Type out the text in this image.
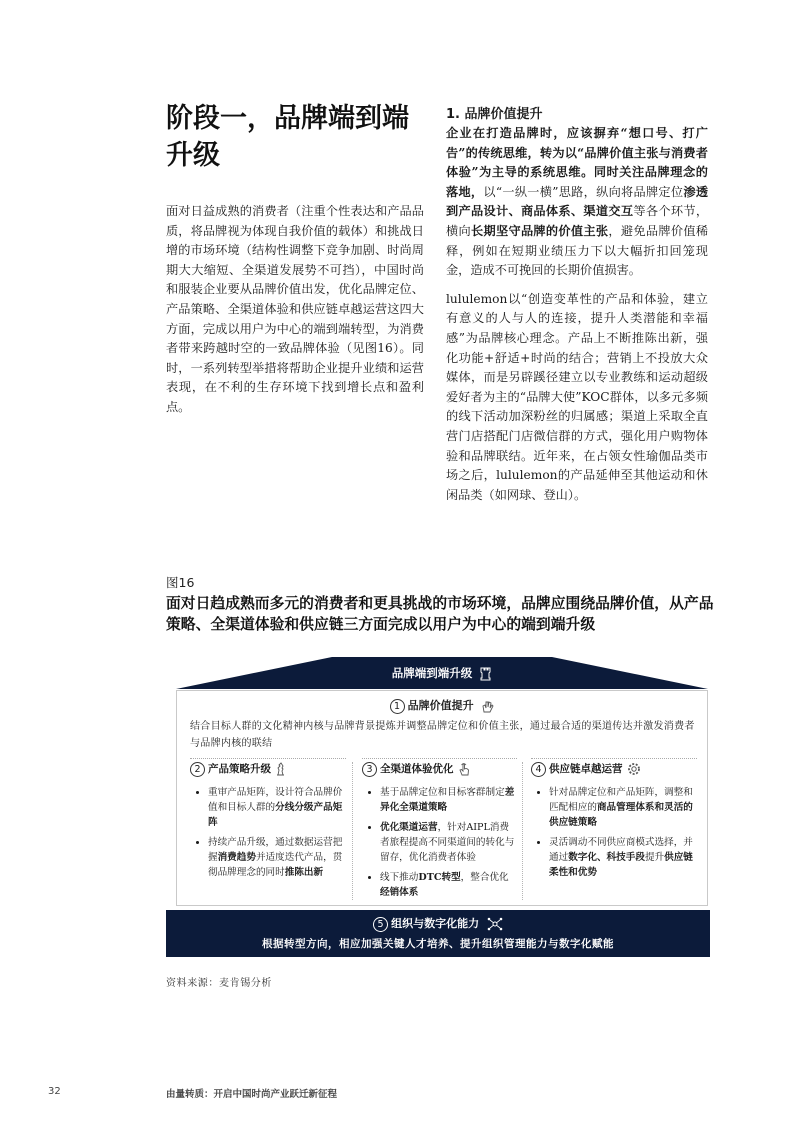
阶段一，品牌端到端
升级
面对日益成熟的消费者（注重个性表达和产品品质，将品牌视为体现自我价值的载体）和挑战日增的市场环境（结构性调整下竞争加剧、时尚周期大大缩短、全渠道发展势不可挡），中国时尚和服装企业要从品牌价值出发，优化品牌定位、产品策略、全渠道体验和供应链卓越运营这四大方面，完成以用户为中心的端到端转型，为消费者带来跨越时空的一致品牌体验（见图16）。同时，一系列转型举措将帮助企业提升业绩和运营表现，在不利的生存环境下找到增长点和盈利点。
1. 品牌价值提升

企业在打造品牌时，应该摒弃“想口号、打广告”的传统思维，转为以“品牌价值主张与消费者体验”为主导的系统思维。同时关注品牌理念的落地，以“一纵一横”思路，纵向将品牌定位渗透到产品设计、商品体系、渠道交互等各个环节，横向长期坚守品牌的价值主张，避免品牌价值稀释，例如在短期业绩压力下以大幅折扣回笼现金，造成不可挽回的长期价值损害。

lululemon以“创造变革性的产品和体验，建立有意义的人与人的连接，提升人类潜能和幸福感”为品牌核心理念。产品上不断推陈出新，强化功能+舒适+时尚的结合；营销上不投放大众媒体，而是另辟蹊径建立以专业教练和运动超级爱好者为主的“品牌大使”KOC群体，以多元多频的线下活动加深粉丝的归属感；渠道上采取全直营门店搭配门店微信群的方式，强化用户购物体验和品牌联结。近年来，在占领女性瑜伽品类市场之后，lululemon的产品延伸至其他运动和休闲品类（如网球、登山）。

图16
面对日趋成熟而多元的消费者和更具挑战的市场环境，品牌应围绕品牌价值，从产品策略、全渠道体验和供应链三方面完成以用户为中心的端到端升级
品牌端到端升级
1 品牌价值提升
结合目标人群的文化精神内核与品牌背景提炼并调整品牌定位和价值主张，通过最合适的渠道传达并激发消费者与品牌内核的联结
2 产品策略升级
• 重审产品矩阵，设计符合品牌价值和目标人群的分线分级产品矩阵
• 持续产品升级，通过数据运营把握消费趋势并适度迭代产品，贯彻品牌理念的同时推陈出新
3 全渠道体验优化
• 基于品牌定位和目标客群制定差异化全渠道策略
• 优化渠道运营，针对AIPL消费者旅程提高不同渠道间的转化与留存，优化消费者体验
• 线下推动DTC转型，整合优化经销体系
4 供应链卓越运营
• 针对品牌定位和产品矩阵，调整和匹配相应的商品管理体系和灵活的供应链策略
• 灵活调动不同供应商模式选择，并通过数字化、科技手段提升供应链柔性和优势
5 组织与数字化能力
根据转型方向，相应加强关键人才培养、提升组织管理能力与数字化赋能
资料来源：麦肯锡分析
32	由量转质：开启中国时尚产业跃迁新征程
